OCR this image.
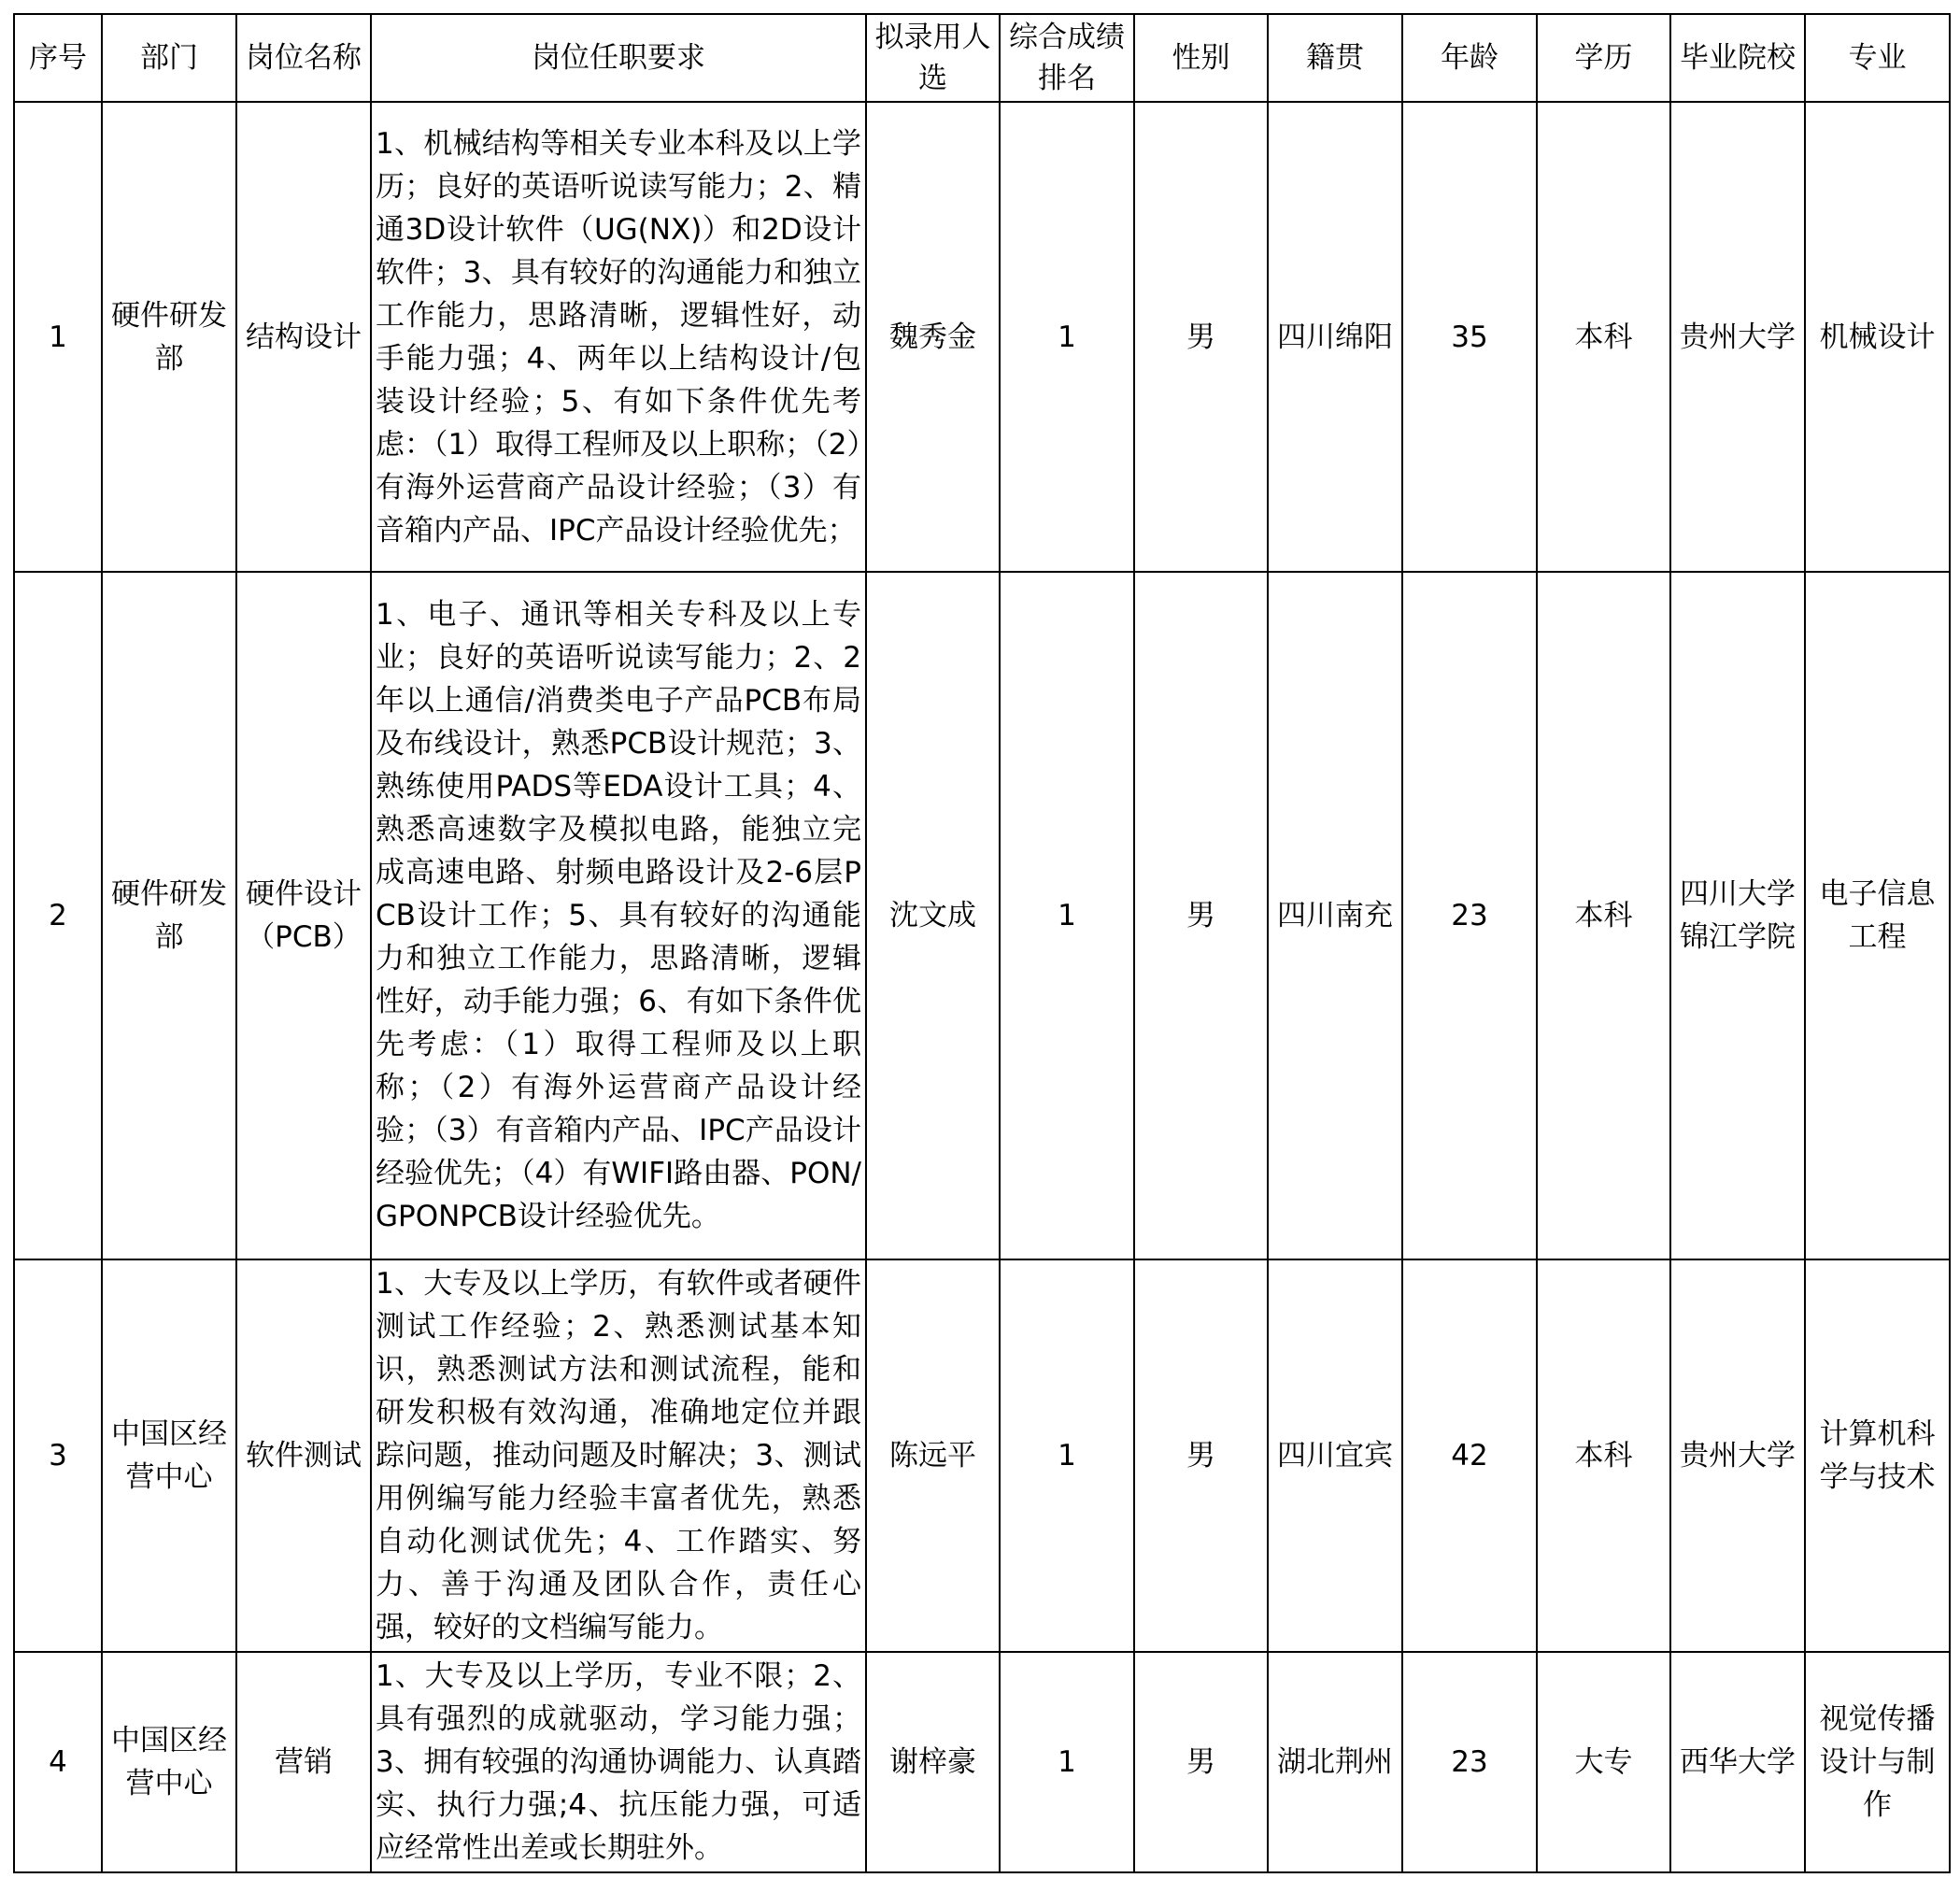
序号	部门	岗位名称	岗位任职要求	拟录用人选	综合成绩排名	性别	籍贯	年龄	学历	毕业院校	专业
1	硬件研发部	结构设计	1、机械结构等相关专业本科及以上学历；良好的英语听说读写能力；2、精通3D设计软件（UG(NX)）和2D设计软件；3、具有较好的沟通能力和独立工作能力，思路清晰，逻辑性好，动手能力强；4、两年以上结构设计/包装设计经验；5、有如下条件优先考虑：（1）取得工程师及以上职称；（2）有海外运营商产品设计经验；（3）有音箱内产品、IPC产品设计经验优先；	魏秀金	1	男	四川绵阳	35	本科	贵州大学	机械设计
2	硬件研发部	硬件设计（PCB）	1、电子、通讯等相关专科及以上专业；良好的英语听说读写能力；2、2年以上通信/消费类电子产品PCB布局及布线设计，熟悉PCB设计规范；3、熟练使用PADS等EDA设计工具；4、熟悉高速数字及模拟电路，能独立完成高速电路、射频电路设计及2-6层PCB设计工作；5、具有较好的沟通能力和独立工作能力，思路清晰，逻辑性好，动手能力强；6、有如下条件优先考虑：（1）取得工程师及以上职称；（2）有海外运营商产品设计经验；（3）有音箱内产品、IPC产品设计经验优先；（4）有WIFI路由器、PON/GPONPCB设计经验优先。	沈文成	1	男	四川南充	23	本科	四川大学锦江学院	电子信息工程
3	中国区经营中心	软件测试	1、大专及以上学历，有软件或者硬件测试工作经验；2、熟悉测试基本知识，熟悉测试方法和测试流程，能和研发积极有效沟通，准确地定位并跟踪问题，推动问题及时解决；3、测试用例编写能力经验丰富者优先，熟悉自动化测试优先；4、工作踏实、努力、善于沟通及团队合作，责任心强，较好的文档编写能力。	陈远平	1	男	四川宜宾	42	本科	贵州大学	计算机科学与技术
4	中国区经营中心	营销	1、大专及以上学历，专业不限；2、具有强烈的成就驱动，学习能力强；3、拥有较强的沟通协调能力、认真踏实、执行力强;4、抗压能力强，可适应经常性出差或长期驻外。	谢梓豪	1	男	湖北荆州	23	大专	西华大学	视觉传播设计与制作
